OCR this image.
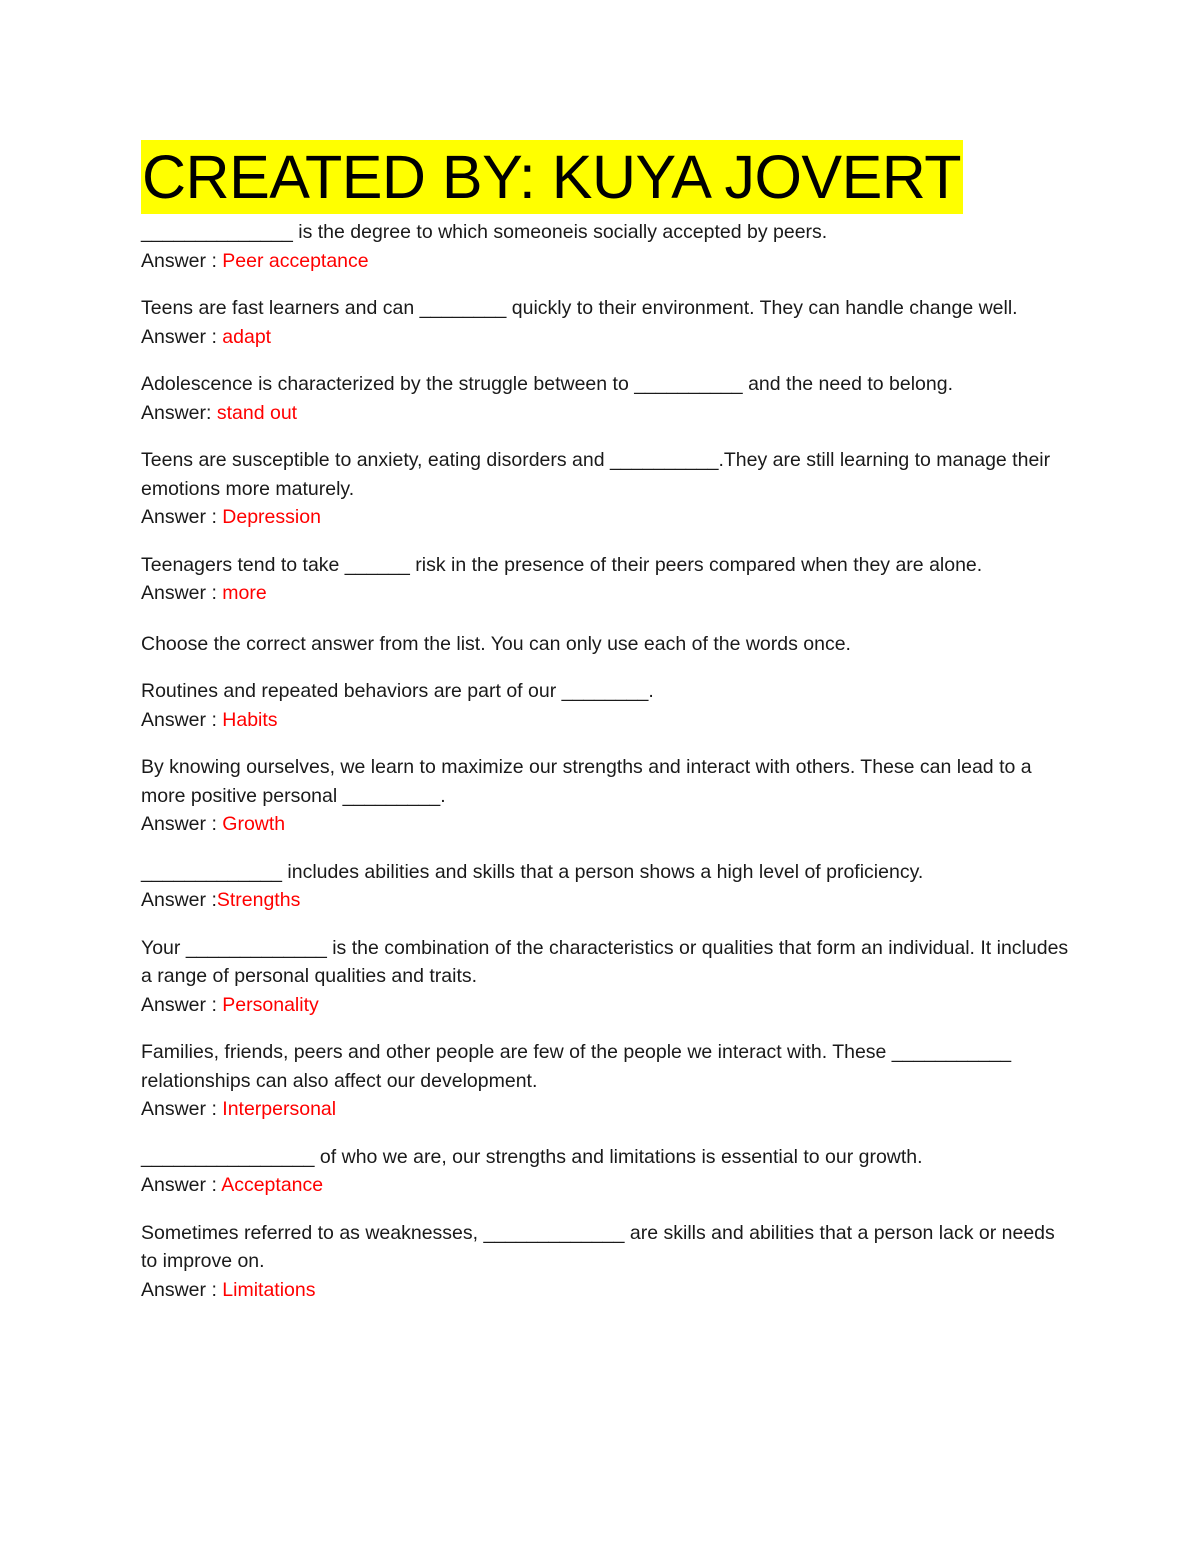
CREATED BY: KUYA JOVERT

______________ is the degree to which someoneis socially accepted by peers.

Answer : Peer acceptance

Teens are fast learners and can ________ quickly to their environment. They can handle change well.

Answer : adapt

Adolescence is characterized by the struggle between to __________ and the need to belong.

Answer: stand out

Teens are susceptible to anxiety, eating disorders and __________.They are still learning to manage their emotions more maturely.

Answer : Depression

Teenagers tend to take ______ risk in the presence of their peers compared when they are alone.

Answer : more

Choose the correct answer from the list. You can only use each of the words once.

Routines and repeated behaviors are part of our ________.

Answer : Habits

By knowing ourselves, we learn to maximize our strengths and interact with others. These can lead to a more positive personal _________.

Answer : Growth

_____________ includes abilities and skills that a person shows a high level of proficiency.

Answer :Strengths

Your _____________ is the combination of the characteristics or qualities that form an individual. It includes a range of personal qualities and traits.

Answer : Personality

Families, friends, peers and other people are few of the people we interact with. These ___________ relationships can also affect our development.

Answer : Interpersonal

________________ of who we are, our strengths and limitations is essential to our growth.

Answer : Acceptance

Sometimes referred to as weaknesses, _____________ are skills and abilities that a person lack or needs to improve on.

Answer : Limitations
